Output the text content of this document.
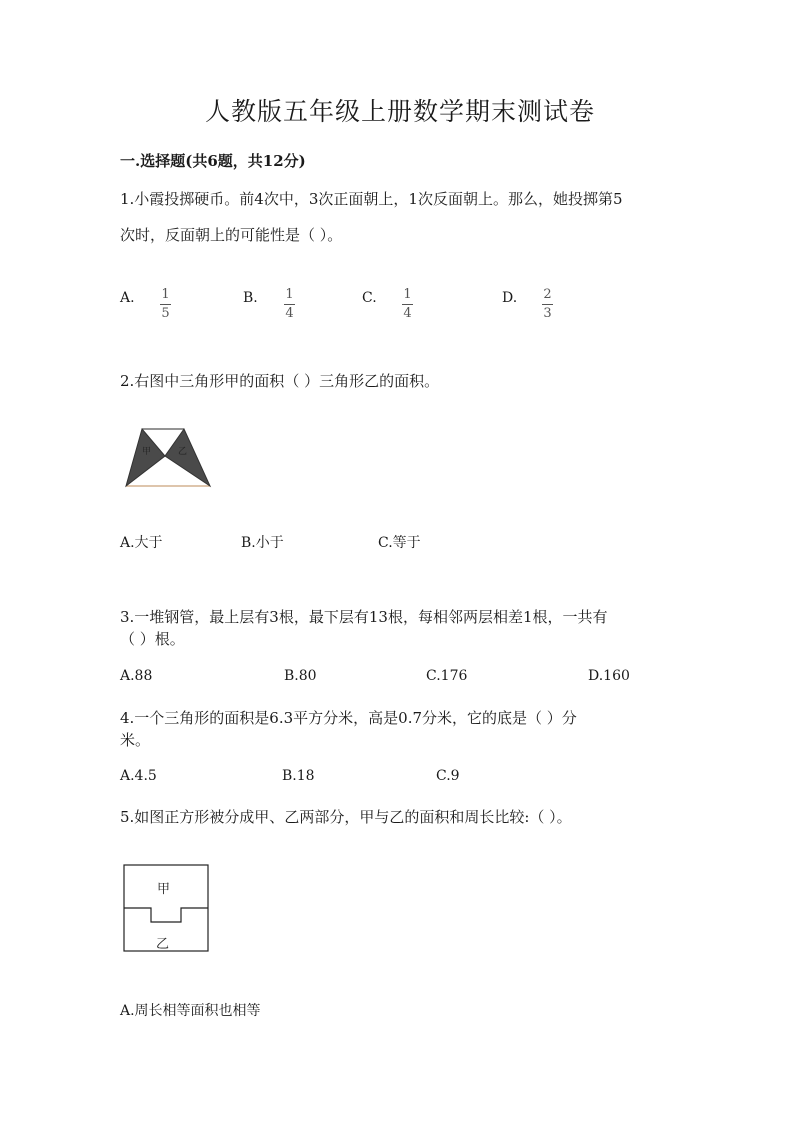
人教版五年级上册数学期末测试卷
一.选择题(共6题，共12分)
1.小霞投掷硬币。前4次中，3次正面朝上，1次反面朝上。那么，她投掷第5
次时，反面朝上的可能性是（ ）。
A. 1
5
B. 1
4
C. 1
4
D. 2
3
2.右图中三角形甲的面积（ ）三角形乙的面积。
甲	乙
A.大于	B.小于	C.等于
3.一堆钢管，最上层有3根，最下层有13根，每相邻两层相差1根，一共有
（ ）根。
A.88	B.80	C.176	D.160
4.一个三角形的面积是6.3平方分米，高是0.7分米，它的底是（ ）分
米。
A.4.5	B.18	C.9
5.如图正方形被分成甲、乙两部分，甲与乙的面积和周长比较:（ ）。
甲
乙
A.周长相等面积也相等
